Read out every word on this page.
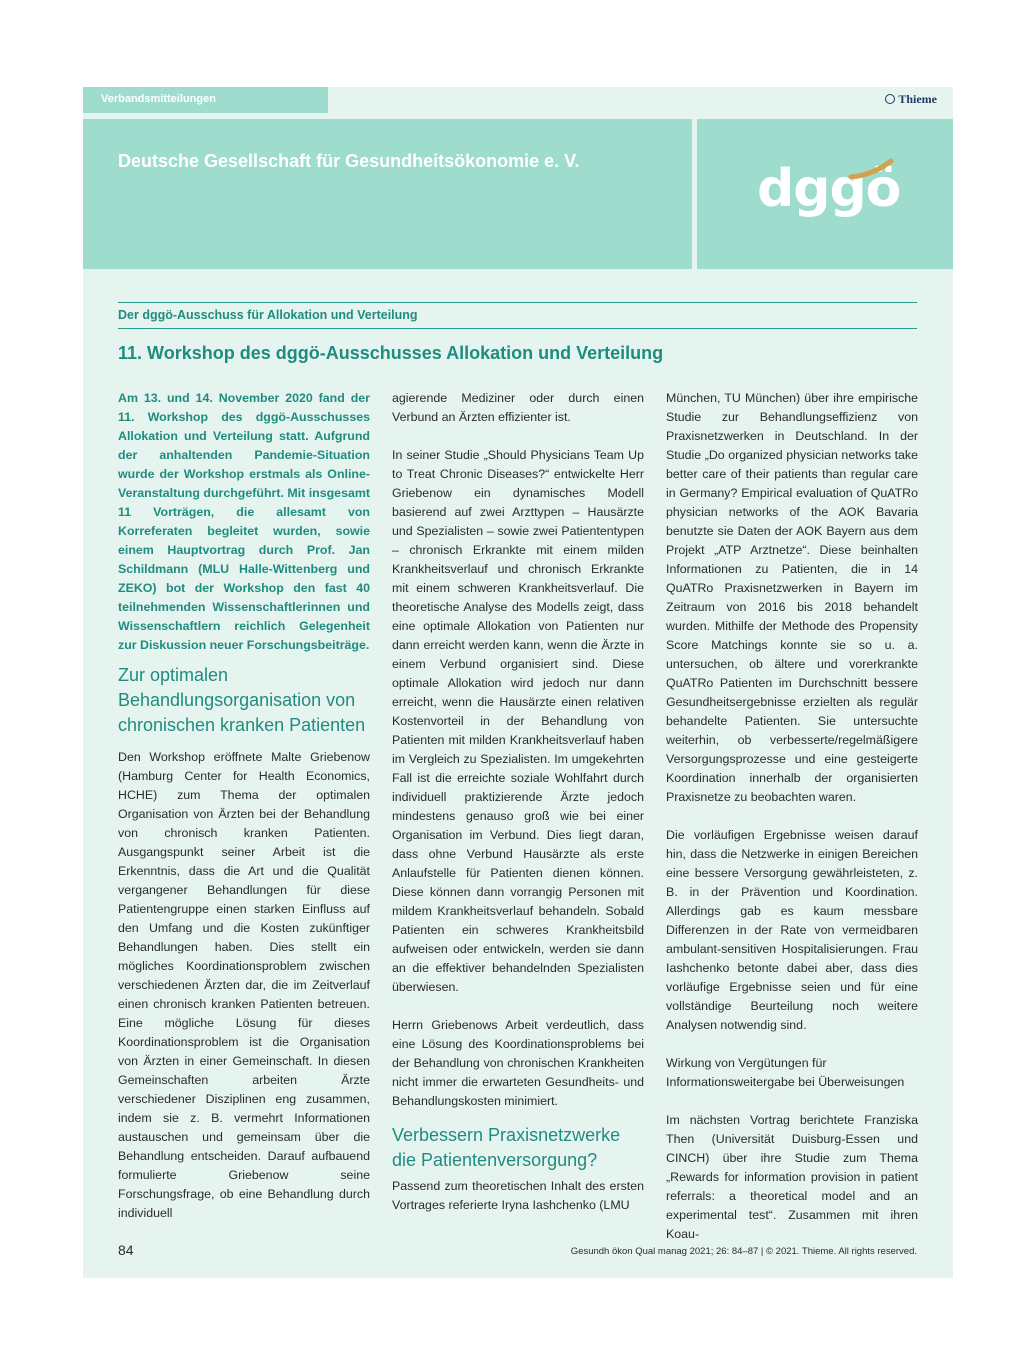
Verbandsmitteilungen	Thieme
Deutsche Gesellschaft für Gesundheitsökonomie e. V.	dggö
Der dggö-Ausschuss für Allokation und Verteilung
11. Workshop des dggö-Ausschusses Allokation und Verteilung

Am 13. und 14. November 2020 fand der 11. Workshop des dggö-Ausschusses Allokation und Verteilung statt. Aufgrund der anhaltenden Pandemie-Situation wurde der Workshop erstmals als Online-Veranstaltung durchgeführt. Mit insgesamt 11 Vorträgen, die allesamt von Korreferaten begleitet wurden, sowie einem Hauptvortrag durch Prof. Jan Schildmann (MLU Halle-Wittenberg und ZEKO) bot der Workshop den fast 40 teilnehmenden Wissenschaftlerinnen und Wissenschaftlern reichlich Gelegenheit zur Diskussion neuer Forschungsbeiträge.

Zur optimalen Behandlungsorganisation von chronischen kranken Patienten

Den Workshop eröffnete Malte Griebenow (Hamburg Center for Health Economics, HCHE) zum Thema der optimalen Organisation von Ärzten bei der Behandlung von chronisch kranken Patienten. Ausgangspunkt seiner Arbeit ist die Erkenntnis, dass die Art und die Qualität vergangener Behandlungen für diese Patientengruppe einen starken Einfluss auf den Umfang und die Kosten zukünftiger Behandlungen haben. Dies stellt ein mögliches Koordinationsproblem zwischen verschiedenen Ärzten dar, die im Zeitverlauf einen chronisch kranken Patienten betreuen. Eine mögliche Lösung für dieses Koordinationsproblem ist die Organisation von Ärzten in einer Gemeinschaft. In diesen Gemeinschaften arbeiten Ärzte verschiedener Disziplinen eng zusammen, indem sie z. B. vermehrt Informationen austauschen und gemeinsam über die Behandlung entscheiden. Darauf aufbauend formulierte Griebenow seine Forschungsfrage, ob eine Behandlung durch individuell

agierende Mediziner oder durch einen Verbund an Ärzten effizienter ist.

In seiner Studie „Should Physicians Team Up to Treat Chronic Diseases?“ entwickelte Herr Griebenow ein dynamisches Modell basierend auf zwei Arzttypen – Hausärzte und Spezialisten – sowie zwei Patiententypen – chronisch Erkrankte mit einem milden Krankheitsverlauf und chronisch Erkrankte mit einem schweren Krankheitsverlauf. Die theoretische Analyse des Modells zeigt, dass eine optimale Allokation von Patienten nur dann erreicht werden kann, wenn die Ärzte in einem Verbund organisiert sind. Diese optimale Allokation wird jedoch nur dann erreicht, wenn die Hausärzte einen relativen Kostenvorteil in der Behandlung von Patienten mit milden Krankheitsverlauf haben im Vergleich zu Spezialisten. Im umgekehrten Fall ist die erreichte soziale Wohlfahrt durch individuell praktizierende Ärzte jedoch mindestens genauso groß wie bei einer Organisation im Verbund. Dies liegt daran, dass ohne Verbund Hausärzte als erste Anlaufstelle für Patienten dienen können. Diese können dann vorrangig Personen mit mildem Krankheitsverlauf behandeln. Sobald Patienten ein schweres Krankheitsbild aufweisen oder entwickeln, werden sie dann an die effektiver behandelnden Spezialisten überwiesen.

Herrn Griebenows Arbeit verdeutlich, dass eine Lösung des Koordinationsproblems bei der Behandlung von chronischen Krankheiten nicht immer die erwarteten Gesundheits- und Behandlungskosten minimiert.

Verbessern Praxisnetzwerke die Patientenversorgung?

Passend zum theoretischen Inhalt des ersten Vortrages referierte Iryna Iashchenko (LMU

München, TU München) über ihre empirische Studie zur Behandlungseffizienz von Praxisnetzwerken in Deutschland. In der Studie „Do organized physician networks take better care of their patients than regular care in Germany? Empirical evaluation of QuATRo physician networks of the AOK Bavaria benutzte sie Daten der AOK Bayern aus dem Projekt „ATP Arztnetze“. Diese beinhalten Informationen zu Patienten, die in 14 QuATRo Praxisnetzwerken in Bayern im Zeitraum von 2016 bis 2018 behandelt wurden. Mithilfe der Methode des Propensity Score Matchings konnte sie so u. a. untersuchen, ob ältere und vorerkrankte QuATRo Patienten im Durchschnitt bessere Gesundheitsergebnisse erzielten als regulär behandelte Patienten. Sie untersuchte weiterhin, ob verbesserte/regelmäßigere Versorgungsprozesse und eine gesteigerte Koordination innerhalb der organisierten Praxisnetze zu beobachten waren.

Die vorläufigen Ergebnisse weisen darauf hin, dass die Netzwerke in einigen Bereichen eine bessere Versorgung gewährleisteten, z. B. in der Prävention und Koordination. Allerdings gab es kaum messbare Differenzen in der Rate von vermeidbaren ambulant-sensitiven Hospitalisierungen. Frau Iashchenko betonte dabei aber, dass dies vorläufige Ergebnisse seien und für eine vollständige Beurteilung noch weitere Analysen notwendig sind.

Wirkung von Vergütungen für Informationsweitergabe bei Überweisungen

Im nächsten Vortrag berichtete Franziska Then (Universität Duisburg-Essen und CINCH) über ihre Studie zum Thema „Rewards for information provision in patient referrals: a theoretical model and an experimental test“. Zusammen mit ihren Koau-

84	Gesundh ökon Qual manag 2021; 26: 84–87 | © 2021. Thieme. All rights reserved.
